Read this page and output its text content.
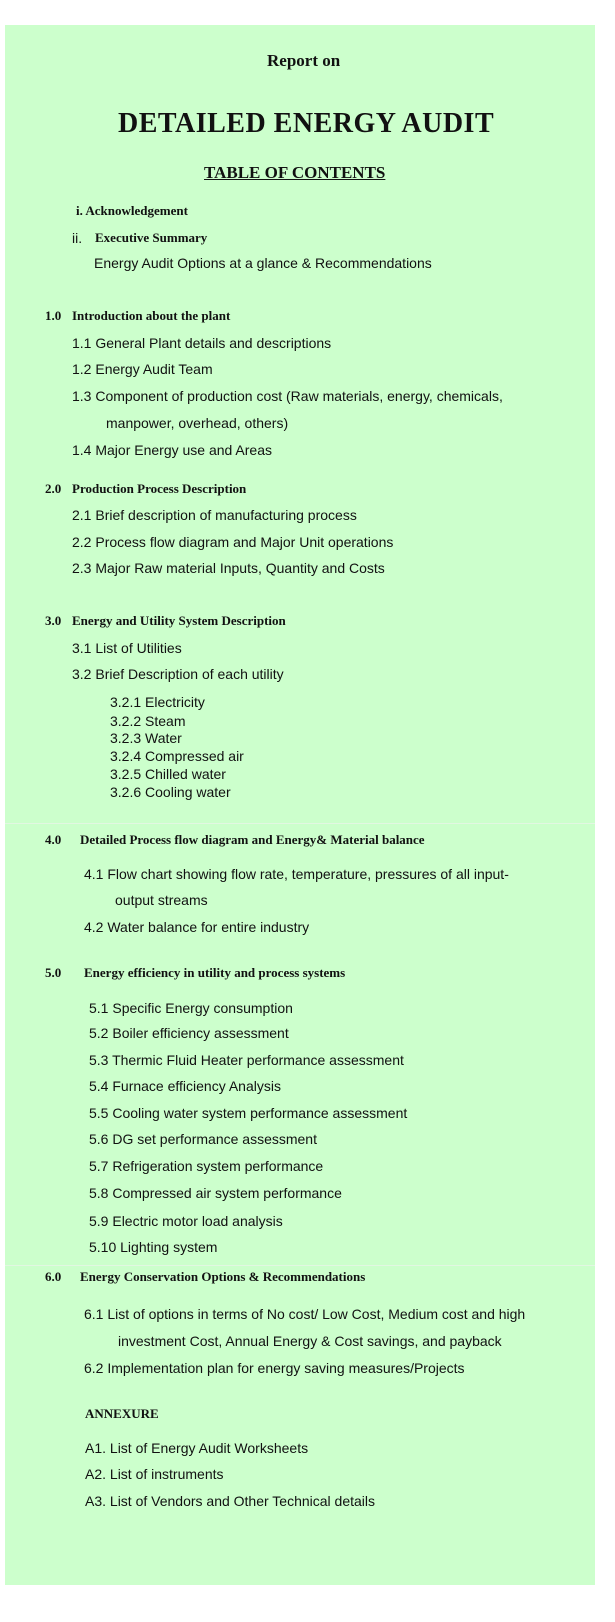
Report on
DETAILED ENERGY AUDIT
TABLE OF CONTENTS
i. Acknowledgement
ii. Executive Summary
Energy Audit Options at a glance & Recommendations
1.0 Introduction about the plant
1.1 General Plant details and descriptions
1.2 Energy Audit Team
1.3 Component of production cost (Raw materials, energy, chemicals,
manpower, overhead, others)
1.4 Major Energy use and Areas
2.0 Production Process Description
2.1 Brief description of manufacturing process
2.2 Process flow diagram and Major Unit operations
2.3 Major Raw material Inputs, Quantity and Costs
3.0 Energy and Utility System Description
3.1 List of Utilities
3.2 Brief Description of each utility
3.2.1 Electricity
3.2.2 Steam
3.2.3 Water
3.2.4 Compressed air
3.2.5 Chilled water
3.2.6 Cooling water
4.0 Detailed Process flow diagram and Energy& Material balance
4.1 Flow chart showing flow rate, temperature, pressures of all input-
output streams
4.2 Water balance for entire industry
5.0 Energy efficiency in utility and process systems
5.1 Specific Energy consumption
5.2 Boiler efficiency assessment
5.3 Thermic Fluid Heater performance assessment
5.4 Furnace efficiency Analysis
5.5 Cooling water system performance assessment
5.6 DG set performance assessment
5.7 Refrigeration system performance
5.8 Compressed air system performance
5.9 Electric motor load analysis
5.10 Lighting system
6.0 Energy Conservation Options & Recommendations
6.1 List of options in terms of No cost/ Low Cost, Medium cost and high
investment Cost, Annual Energy & Cost savings, and payback
6.2 Implementation plan for energy saving measures/Projects
ANNEXURE
A1. List of Energy Audit Worksheets
A2. List of instruments
A3. List of Vendors and Other Technical details
